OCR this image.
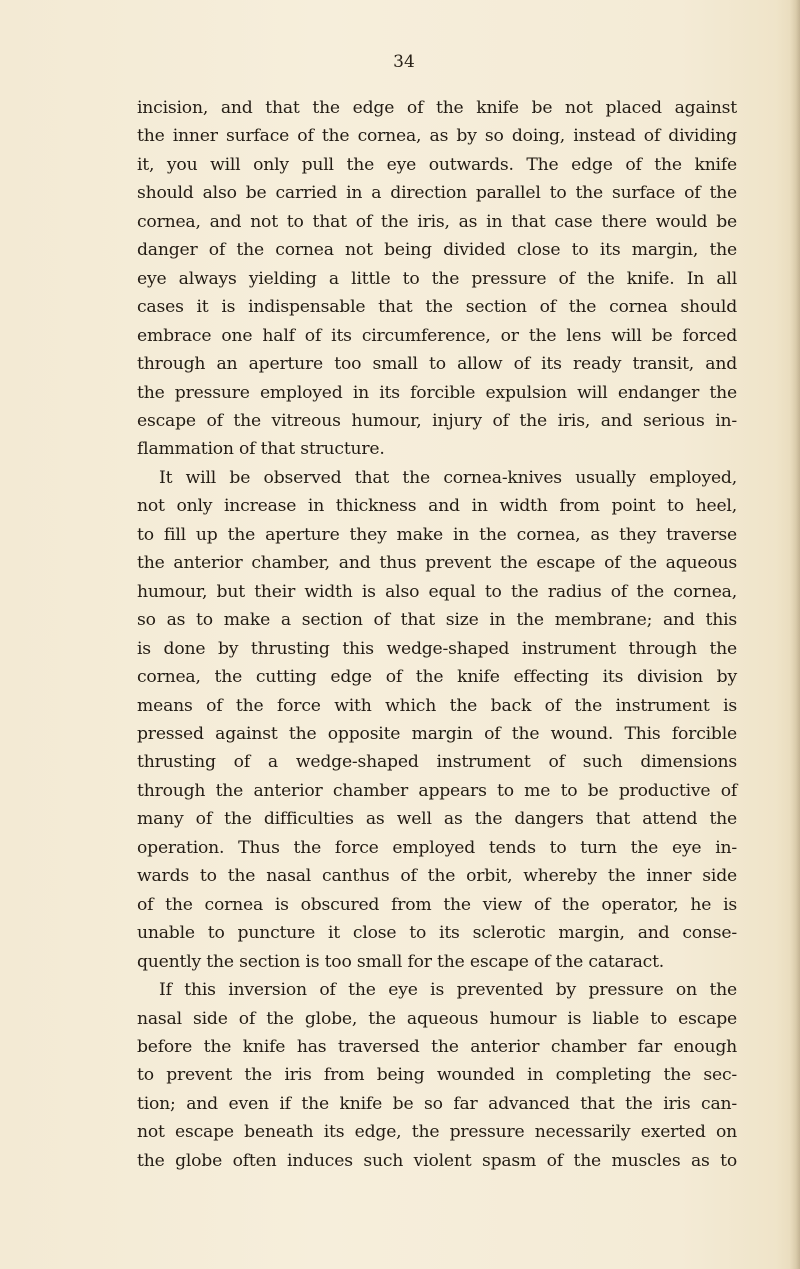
34

incision, and that the edge of the knife be not placed against
the inner surface of the cornea, as by so doing, instead of dividing
it, you will only pull the eye outwards. The edge of the knife
should also be carried in a direction parallel to the surface of the
cornea, and not to that of the iris, as in that case there would be
danger of the cornea not being divided close to its margin, the
eye always yielding a little to the pressure of the knife. In all
cases it is indispensable that the section of the cornea should
embrace one half of its circumference, or the lens will be forced
through an aperture too small to allow of its ready transit, and
the pressure employed in its forcible expulsion will endanger the
escape of the vitreous humour, injury of the iris, and serious in-
flammation of that structure.

It will be observed that the cornea-knives usually employed,
not only increase in thickness and in width from point to heel,
to fill up the aperture they make in the cornea, as they traverse
the anterior chamber, and thus prevent the escape of the aqueous
humour, but their width is also equal to the radius of the cornea,
so as to make a section of that size in the membrane; and this
is done by thrusting this wedge-shaped instrument through the
cornea, the cutting edge of the knife effecting its division by
means of the force with which the back of the instrument is
pressed against the opposite margin of the wound. This forcible
thrusting of a wedge-shaped instrument of such dimensions
through the anterior chamber appears to me to be productive of
many of the difficulties as well as the dangers that attend the
operation. Thus the force employed tends to turn the eye in-
wards to the nasal canthus of the orbit, whereby the inner side
of the cornea is obscured from the view of the operator, he is
unable to puncture it close to its sclerotic margin, and conse-
quently the section is too small for the escape of the cataract.

If this inversion of the eye is prevented by pressure on the
nasal side of the globe, the aqueous humour is liable to escape
before the knife has traversed the anterior chamber far enough
to prevent the iris from being wounded in completing the sec-
tion; and even if the knife be so far advanced that the iris can-
not escape beneath its edge, the pressure necessarily exerted on
the globe often induces such violent spasm of the muscles as to
